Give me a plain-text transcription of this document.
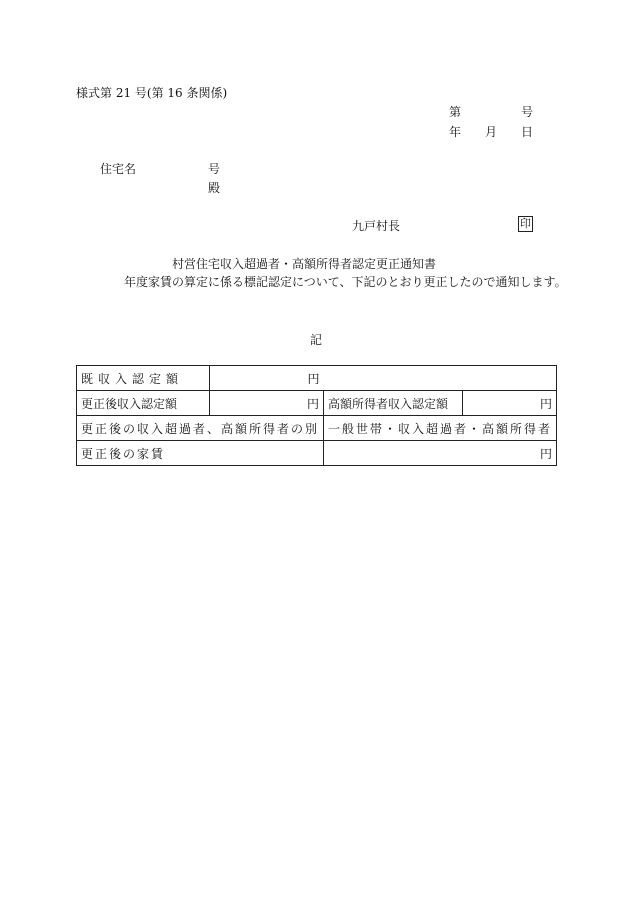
様式第 21 号(第 16 条関係)
第	号
年 月 日
住宅名	号
殿
九戸村長	印
村営住宅収入超過者・高額所得者認定更正通知書
年度家賃の算定に係る標記認定について、下記のとおり更正したので通知します。
記
既収入認定額	円		
更正後収入認定額	円	高額所得者収入認定額	円
更正後の収入超過者、高額所得者の別		一般世帯・収入超過者・高額所得者	
更正後の家賃		円	
